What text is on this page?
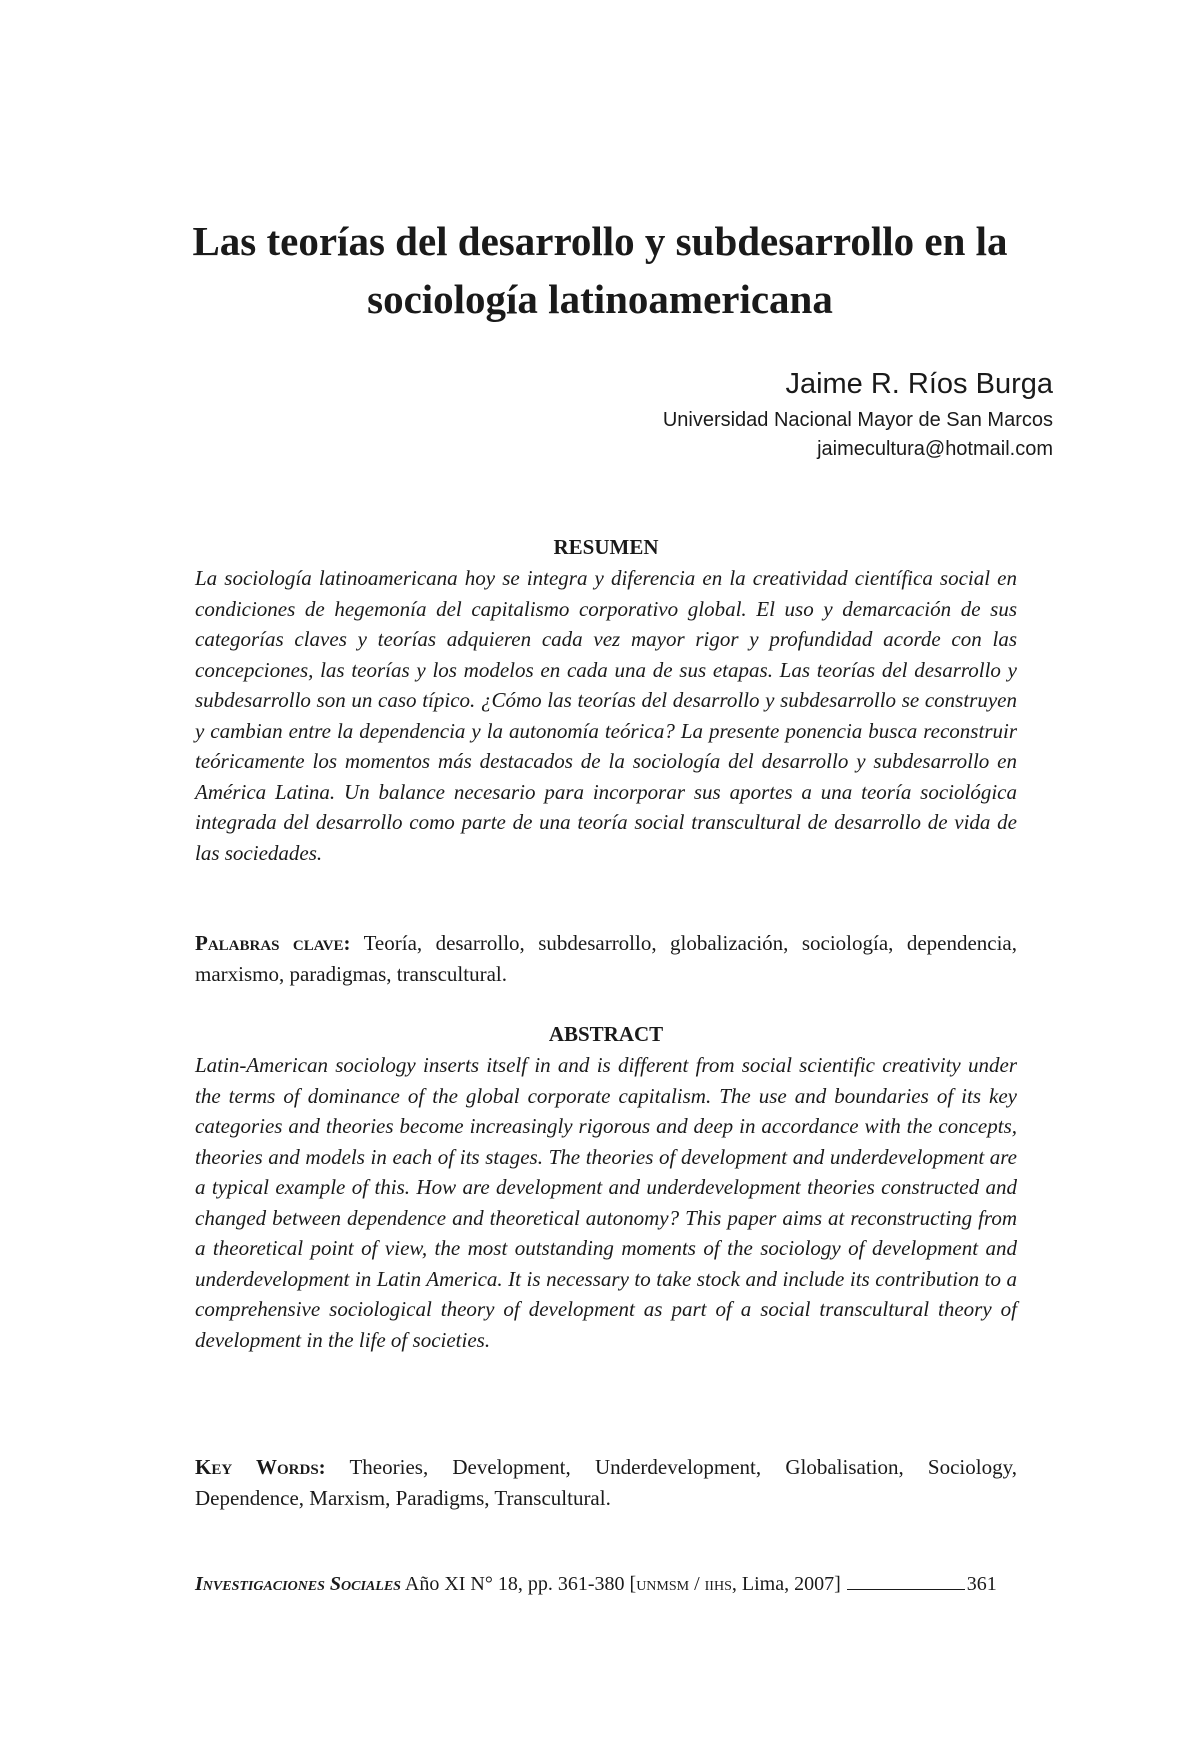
Las teorías del desarrollo y subdesarrollo en la sociología latinoamericana
Jaime R. Ríos Burga
Universidad Nacional Mayor de San Marcos
jaimecultura@hotmail.com
RESUMEN

La sociología latinoamericana hoy se integra y diferencia en la creatividad científica social en condiciones de hegemonía del capitalismo corporativo global. El uso y demarcación de sus categorías claves y teorías adquieren cada vez mayor rigor y profundidad acorde con las concepciones, las teorías y los modelos en cada una de sus etapas. Las teorías del desarrollo y subdesarrollo son un caso típico. ¿Cómo las teorías del desarrollo y subdesarrollo se construyen y cambian entre la dependencia y la autonomía teórica? La presente ponencia busca reconstruir teóricamente los momentos más destacados de la sociología del desarrollo y subdesarrollo en América Latina. Un balance necesario para incorporar sus aportes a una teoría sociológica integrada del desarrollo como parte de una teoría social transcultural de desarrollo de vida de las sociedades.

Palabras clave: Teoría, desarrollo, subdesarrollo, globalización, sociología, dependencia, marxismo, paradigmas, transcultural.

ABSTRACT

Latin-American sociology inserts itself in and is different from social scientific creativity under the terms of dominance of the global corporate capitalism. The use and boundaries of its key categories and theories become increasingly rigorous and deep in accordance with the concepts, theories and models in each of its stages. The theories of development and underdevelopment are a typical example of this. How are development and underdevelopment theories constructed and changed between dependence and theoretical autonomy? This paper aims at reconstructing from a theoretical point of view, the most outstanding moments of the sociology of development and underdevelopment in Latin America. It is necessary to take stock and include its contribution to a comprehensive sociological theory of development as part of a social transcultural theory of development in the life of societies.

Key Words: Theories, Development, Underdevelopment, Globalisation, Sociology, Dependence, Marxism, Paradigms, Transcultural.

Investigaciones Sociales Año XI N° 18, pp. 361-380 [unmsm / iihs, Lima, 2007]	361
